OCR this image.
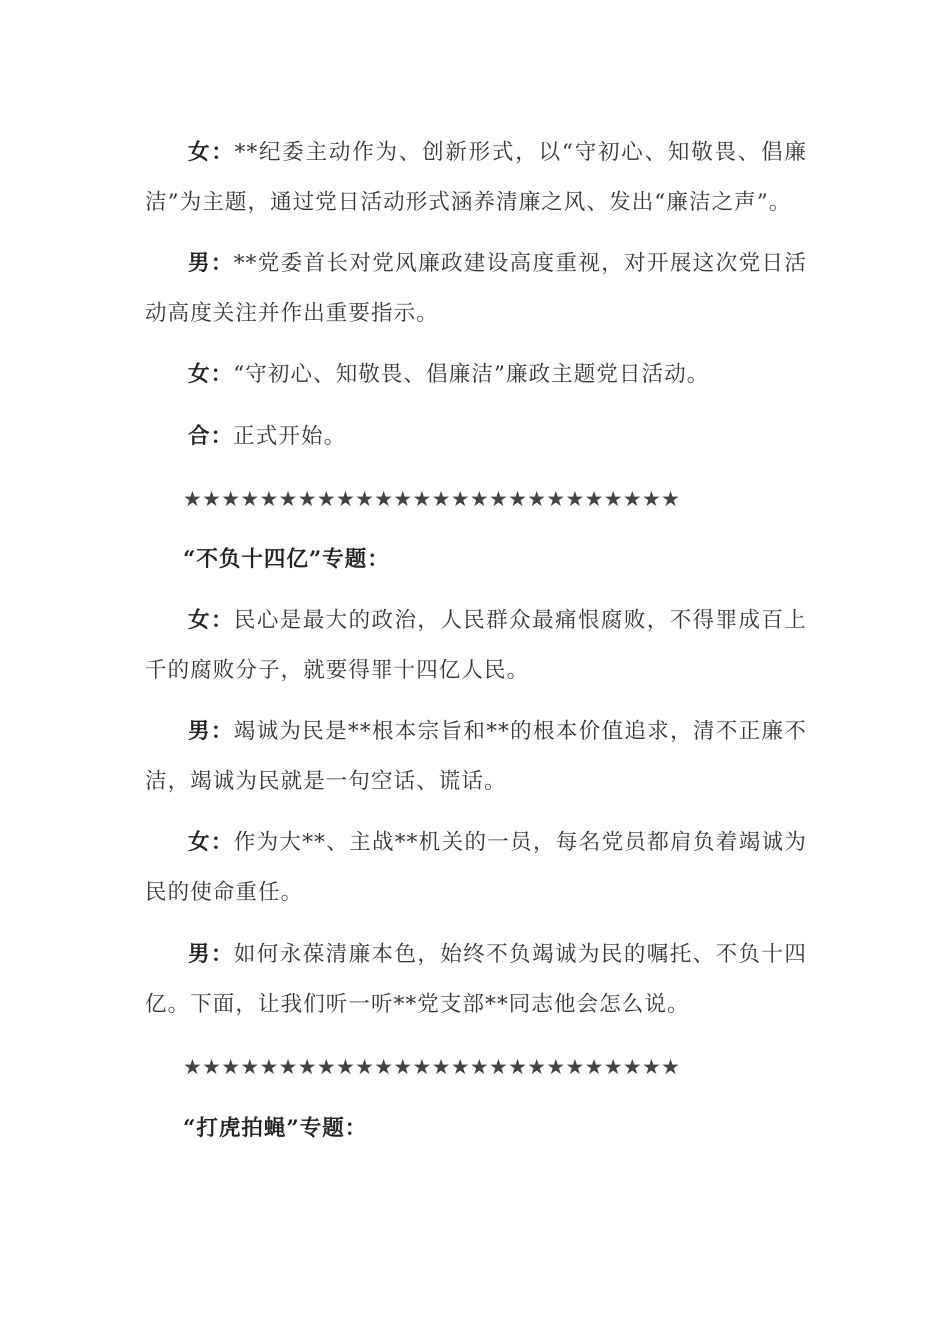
女：**纪委主动作为、创新形式，以“守初心、知敬畏、倡廉洁”为主题，通过党日活动形式涵养清廉之风、发出“廉洁之声”。

男：**党委首长对党风廉政建设高度重视，对开展这次党日活动高度关注并作出重要指示。

女：“守初心、知敬畏、倡廉洁”廉政主题党日活动。

合：正式开始。

★★★★★★★★★★★★★★★★★★★★★★★★★★

“不负十四亿”专题：

女：民心是最大的政治，人民群众最痛恨腐败，不得罪成百上千的腐败分子，就要得罪十四亿人民。

男：竭诚为民是**根本宗旨和**的根本价值追求，清不正廉不洁，竭诚为民就是一句空话、谎话。

女：作为大**、主战**机关的一员，每名党员都肩负着竭诚为民的使命重任。

男：如何永葆清廉本色，始终不负竭诚为民的嘱托、不负十四亿。下面，让我们听一听**党支部**同志他会怎么说。

★★★★★★★★★★★★★★★★★★★★★★★★★★

“打虎拍蝇”专题：
